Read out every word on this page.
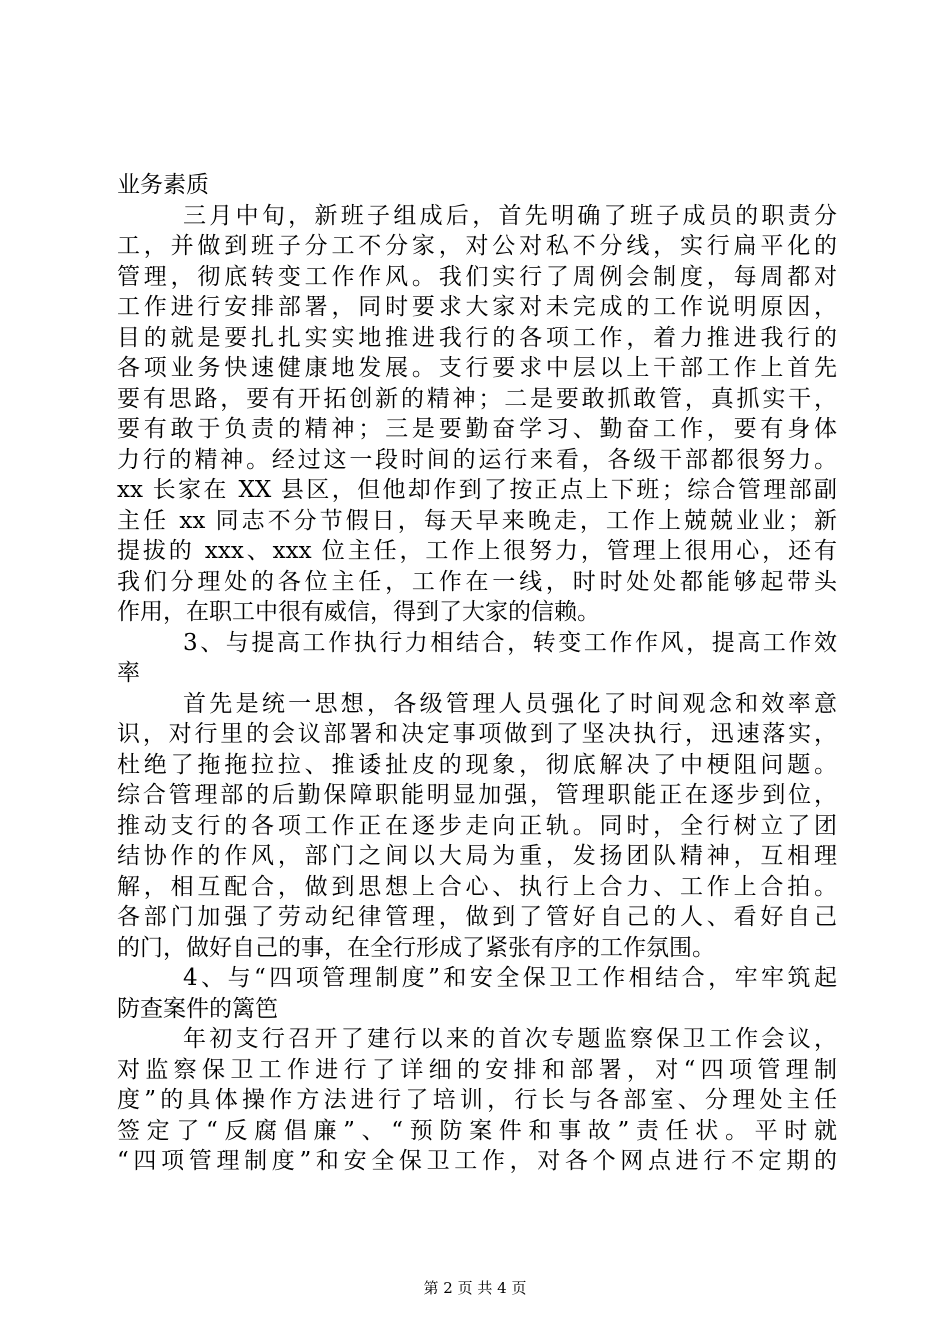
业务素质
三月中旬，新班子组成后，首先明确了班子成员的职责分
工，并做到班子分工不分家，对公对私不分线，实行扁平化的
管理，彻底转变工作作风。我们实行了周例会制度，每周都对
工作进行安排部署，同时要求大家对未完成的工作说明原因，
目的就是要扎扎实实地推进我行的各项工作，着力推进我行的
各项业务快速健康地发展。支行要求中层以上干部工作上首先
要有思路，要有开拓创新的精神；二是要敢抓敢管，真抓实干，
要有敢于负责的精神；三是要勤奋学习、勤奋工作，要有身体
力行的精神。经过这一段时间的运行来看，各级干部都很努力。
xx 长家在 XX 县区，但他却作到了按正点上下班；综合管理部副
主任 xx 同志不分节假日，每天早来晚走，工作上兢兢业业；新
提拔的 xxx、xxx 位主任，工作上很努力，管理上很用心，还有
我们分理处的各位主任，工作在一线，时时处处都能够起带头
作用，在职工中很有威信，得到了大家的信赖。
3、与提高工作执行力相结合，转变工作作风，提高工作效
率
首先是统一思想，各级管理人员强化了时间观念和效率意
识，对行里的会议部署和决定事项做到了坚决执行，迅速落实，
杜绝了拖拖拉拉、推诿扯皮的现象，彻底解决了中梗阻问题。
综合管理部的后勤保障职能明显加强，管理职能正在逐步到位，
推动支行的各项工作正在逐步走向正轨。同时，全行树立了团
结协作的作风，部门之间以大局为重，发扬团队精神，互相理
解，相互配合，做到思想上合心、执行上合力、工作上合拍。
各部门加强了劳动纪律管理，做到了管好自己的人、看好自己
的门，做好自己的事，在全行形成了紧张有序的工作氛围。
4、与“四项管理制度”和安全保卫工作相结合，牢牢筑起
防查案件的篱笆
年初支行召开了建行以来的首次专题监察保卫工作会议，
对监察保卫工作进行了详细的安排和部署，对“四项管理制
度”的具体操作方法进行了培训，行长与各部室、分理处主任
签定了“反腐倡廉”、“预防案件和事故”责任状。平时就
“四项管理制度”和安全保卫工作，对各个网点进行不定期的
第 2 页 共 4 页
